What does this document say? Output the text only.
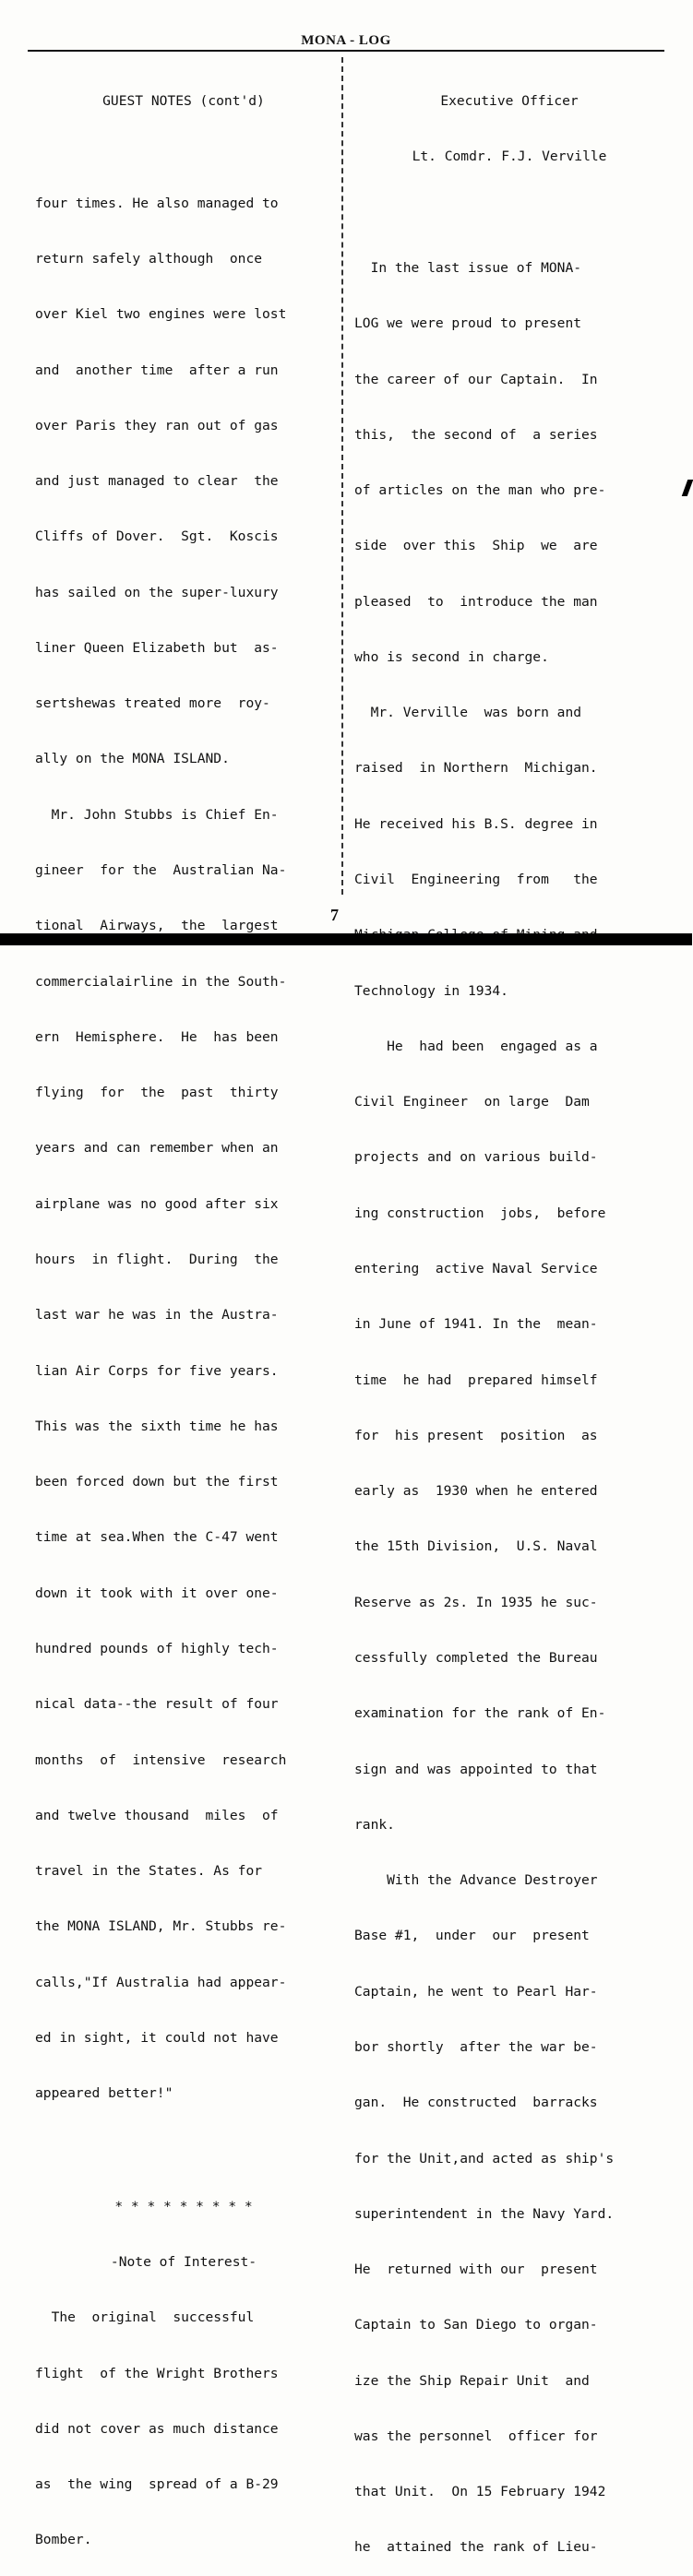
MONA - LOG

GUEST NOTES (cont'd)

four times. He also managed to

return safely although  once

over Kiel two engines were lost

and  another time  after a run

over Paris they ran out of gas

and just managed to clear  the

Cliffs of Dover.  Sgt.  Koscis

has sailed on the super-luxury

liner Queen Elizabeth but  as-

sertshewas treated more  roy-

ally on the MONA ISLAND.

Mr. John Stubbs is Chief En-

gineer  for the  Australian Na-

tional  Airways,  the  largest

commercialairline in the South-

ern  Hemisphere.  He  has been

flying  for  the  past  thirty

years and can remember when an

airplane was no good after six

hours  in flight.  During  the

last war he was in the Austra-

lian Air Corps for five years.

This was the sixth time he has

been forced down but the first

time at sea.When the C-47 went

down it took with it over one-

hundred pounds of highly tech-

nical data--the result of four

months  of  intensive  research

and twelve thousand  miles  of

travel in the States. As for

the MONA ISLAND, Mr. Stubbs re-

calls,"If Australia had appear-

ed in sight, it could not have

appeared better!"

* * * * * * * * *

-Note of Interest-

The  original  successful

flight  of the Wright Brothers

did not cover as much distance

as  the wing  spread of a B-29

Bomber.

Executive Officer

Lt. Comdr. F.J. Verville

In the last issue of MONA-

LOG we were proud to present

the career of our Captain.  In

this,  the second of  a series

of articles on the man who pre-

side  over this  Ship  we  are

pleased  to  introduce the man

who is second in charge.

Mr. Verville  was born and

raised  in Northern  Michigan.

He received his B.S. degree in

Civil  Engineering  from   the

Technology in 1934.

He  had been  engaged as a

Civil Engineer  on large  Dam

projects and on various build-

ing construction  jobs,  before

entering  active Naval Service

in June of 1941. In the  mean-

time  he had  prepared himself

for  his present  position  as

early as  1930 when he entered

the 15th Division,  U.S. Naval

Reserve as 2s. In 1935 he suc-

cessfully completed the Bureau

examination for the rank of En-

sign and was appointed to that

rank.

With the Advance Destroyer

Base #1,  under  our  present

Captain, he went to Pearl Har-

bor shortly  after the war be-

gan.  He constructed  barracks

for the Unit,and acted as ship's

superintendent in the Navy Yard.

He  returned with our  present

Captain to San Diego to organ-

ize the Ship Repair Unit  and

was the personnel  officer for

that Unit.  On 15 February 1942

he  attained the rank of Lieu-

7
